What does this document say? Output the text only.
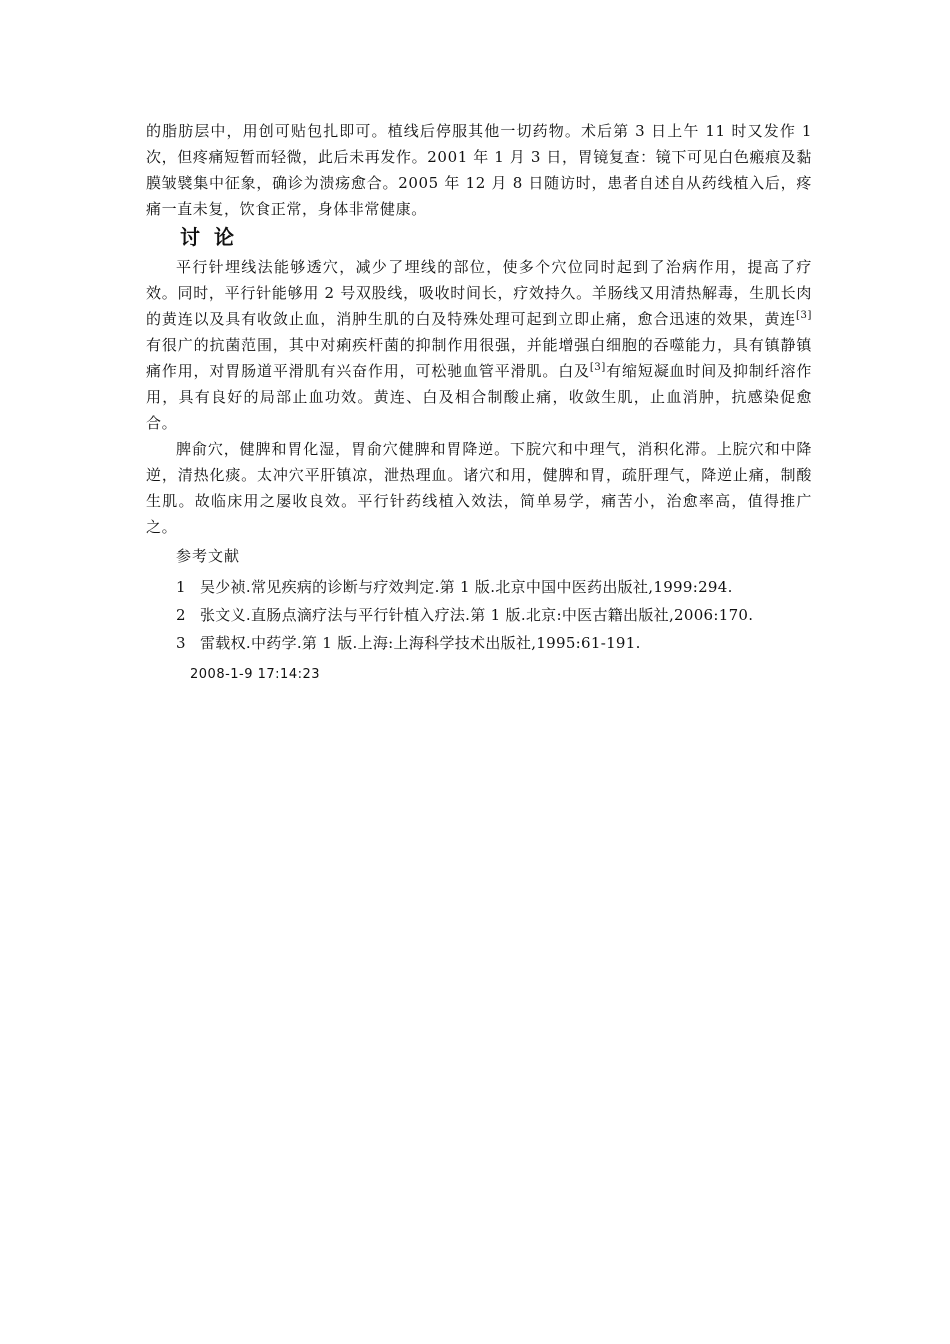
的脂肪层中，用创可贴包扎即可。植线后停服其他一切药物。术后第 3 日上午 11 时又发作 1 次，但疼痛短暂而轻微，此后未再发作。2001 年 1 月 3 日，胃镜复查：镜下可见白色瘢痕及黏膜皱襞集中征象，确诊为溃疡愈合。2005 年 12 月 8 日随访时，患者自述自从药线植入后，疼痛一直未复，饮食正常，身体非常健康。

讨论

平行针埋线法能够透穴，减少了埋线的部位，使多个穴位同时起到了治病作用，提高了疗效。同时，平行针能够用 2 号双股线，吸收时间长，疗效持久。羊肠线又用清热解毒，生肌长肉的黄连以及具有收敛止血，消肿生肌的白及特殊处理可起到立即止痛，愈合迅速的效果，黄连[3]有很广的抗菌范围，其中对痢疾杆菌的抑制作用很强，并能增强白细胞的吞噬能力，具有镇静镇痛作用，对胃肠道平滑肌有兴奋作用，可松驰血管平滑肌。白及[3]有缩短凝血时间及抑制纤溶作用，具有良好的局部止血功效。黄连、白及相合制酸止痛，收敛生肌，止血消肿，抗感染促愈合。

脾俞穴，健脾和胃化湿，胃俞穴健脾和胃降逆。下脘穴和中理气，消积化滞。上脘穴和中降逆，清热化痰。太冲穴平肝镇凉，泄热理血。诸穴和用，健脾和胃，疏肝理气，降逆止痛，制酸生肌。故临床用之屡收良效。平行针药线植入效法，简单易学，痛苦小，治愈率高，值得推广之。

参考文献

1 吴少祯.常见疾病的诊断与疗效判定.第 1 版.北京中国中医药出版社,1999:294.

2 张文义.直肠点滴疗法与平行针植入疗法.第 1 版.北京:中医古籍出版社,2006:170.

3 雷载权.中药学.第 1 版.上海:上海科学技术出版社,1995:61-191.

2008-1-9 17:14:23
